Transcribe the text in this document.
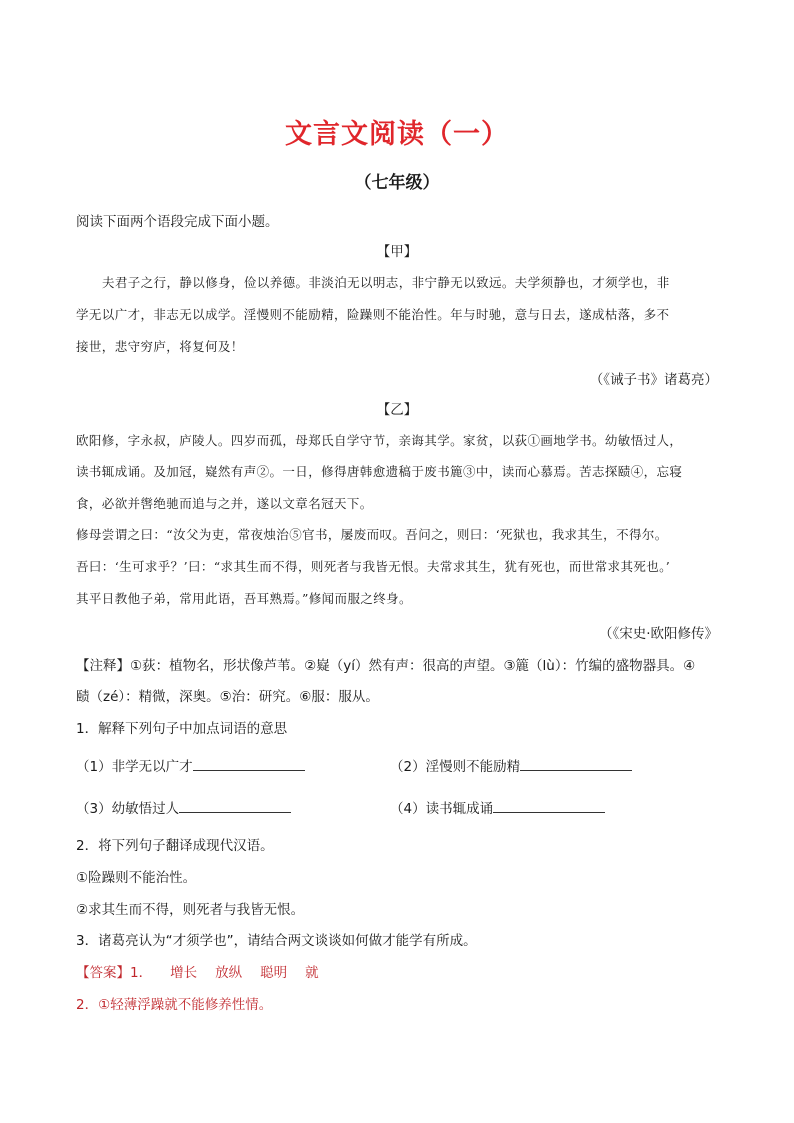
文言文阅读（一）
（七年级）
阅读下面两个语段完成下面小题。
【甲】
夫君子之行，静以修身，俭以养德。非淡泊无以明志，非宁静无以致远。夫学须静也，才须学也，非
学无以广才，非志无以成学。淫慢则不能励精，险躁则不能治性。年与时驰，意与日去，遂成枯落，多不
接世，悲守穷庐，将复何及！
（《诫子书》诸葛亮）
【乙】
欧阳修，字永叔，庐陵人。四岁而孤，母郑氏自学守节，亲诲其学。家贫，以荻①画地学书。幼敏悟过人，
读书辄成诵。及加冠，嶷然有声②。一日，修得唐韩愈遗稿于废书簏③中，读而心慕焉。苦志探赜④，忘寝
食，必欲并辔绝驰而追与之并，遂以文章名冠天下。
修母尝谓之曰：“汝父为吏，常夜烛治⑤官书，屡废而叹。吾问之，则曰：‘死狱也，我求其生，不得尔。
吾曰：‘生可求乎？’曰：“求其生而不得，则死者与我皆无恨。夫常求其生，犹有死也，而世常求其死也。’
其平日教他子弟，常用此语，吾耳熟焉。”修闻而服之终身。
（《宋史·欧阳修传》
【注释】①荻：植物名，形状像芦苇。②嶷（yí）然有声：很高的声望。③簏（lù）：竹编的盛物器具。④
赜（zé）：精微，深奥。⑤治：研究。⑥服：服从。
1．解释下列句子中加点词语的意思
（1）非学无以广才	（2）淫慢则不能励精
（3）幼敏悟过人	（4）读书辄成诵
2．将下列句子翻译成现代汉语。
①险躁则不能治性。
②求其生而不得，则死者与我皆无恨。
3．诸葛亮认为“才须学也”，请结合两文谈谈如何做才能学有所成。
【答案】1． 增长 放纵 聪明 就
2．①轻薄浮躁就不能修养性情。
